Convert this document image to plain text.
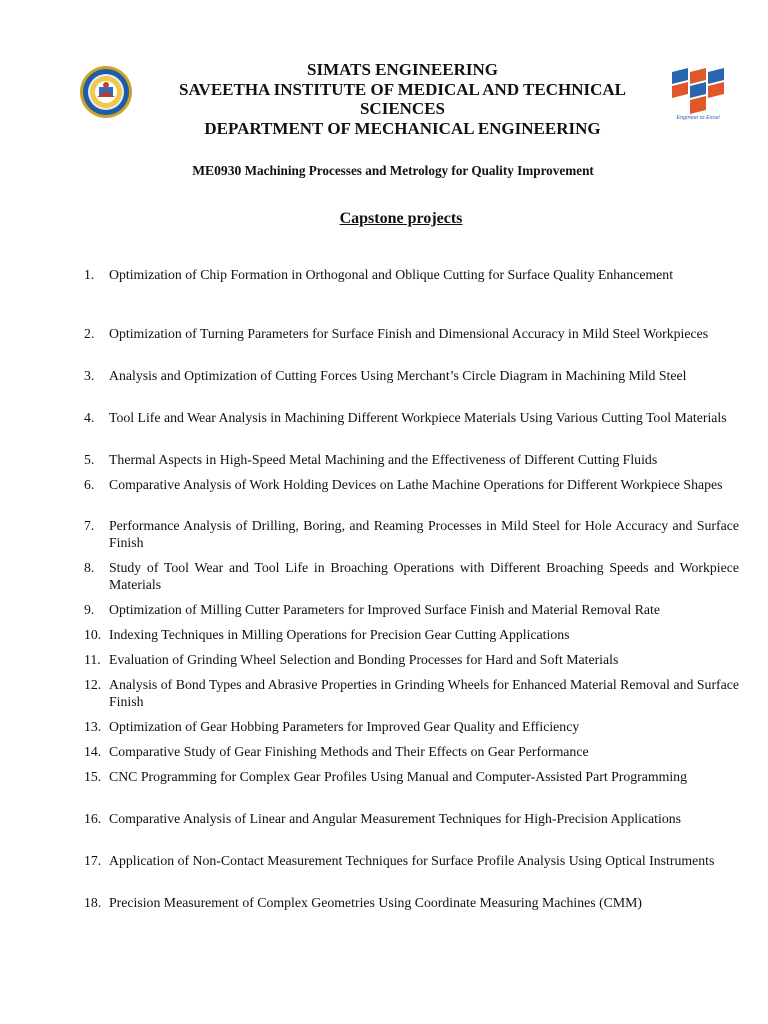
Engineer to Excel
SIMATS ENGINEERING
SAVEETHA INSTITUTE OF MEDICAL AND TECHNICAL SCIENCES
DEPARTMENT OF MECHANICAL ENGINEERING
ME0930 Machining Processes and Metrology for Quality Improvement
Capstone projects
1. Optimization of Chip Formation in Orthogonal and Oblique Cutting for Surface Quality Enhancement
2. Optimization of Turning Parameters for Surface Finish and Dimensional Accuracy in Mild Steel Workpieces
3. Analysis and Optimization of Cutting Forces Using Merchant’s Circle Diagram in Machining Mild Steel
4. Tool Life and Wear Analysis in Machining Different Workpiece Materials Using Various Cutting Tool Materials
5. Thermal Aspects in High-Speed Metal Machining and the Effectiveness of Different Cutting Fluids
6. Comparative Analysis of Work Holding Devices on Lathe Machine Operations for Different Workpiece Shapes
7. Performance Analysis of Drilling, Boring, and Reaming Processes in Mild Steel for Hole Accuracy and Surface Finish
8. Study of Tool Wear and Tool Life in Broaching Operations with Different Broaching Speeds and Workpiece Materials
9. Optimization of Milling Cutter Parameters for Improved Surface Finish and Material Removal Rate
10. Indexing Techniques in Milling Operations for Precision Gear Cutting Applications
11. Evaluation of Grinding Wheel Selection and Bonding Processes for Hard and Soft Materials
12. Analysis of Bond Types and Abrasive Properties in Grinding Wheels for Enhanced Material Removal and Surface Finish
13. Optimization of Gear Hobbing Parameters for Improved Gear Quality and Efficiency
14. Comparative Study of Gear Finishing Methods and Their Effects on Gear Performance
15. CNC Programming for Complex Gear Profiles Using Manual and Computer-Assisted Part Programming
16. Comparative Analysis of Linear and Angular Measurement Techniques for High-Precision Applications
17. Application of Non-Contact Measurement Techniques for Surface Profile Analysis Using Optical Instruments
18. Precision Measurement of Complex Geometries Using Coordinate Measuring Machines (CMM)
